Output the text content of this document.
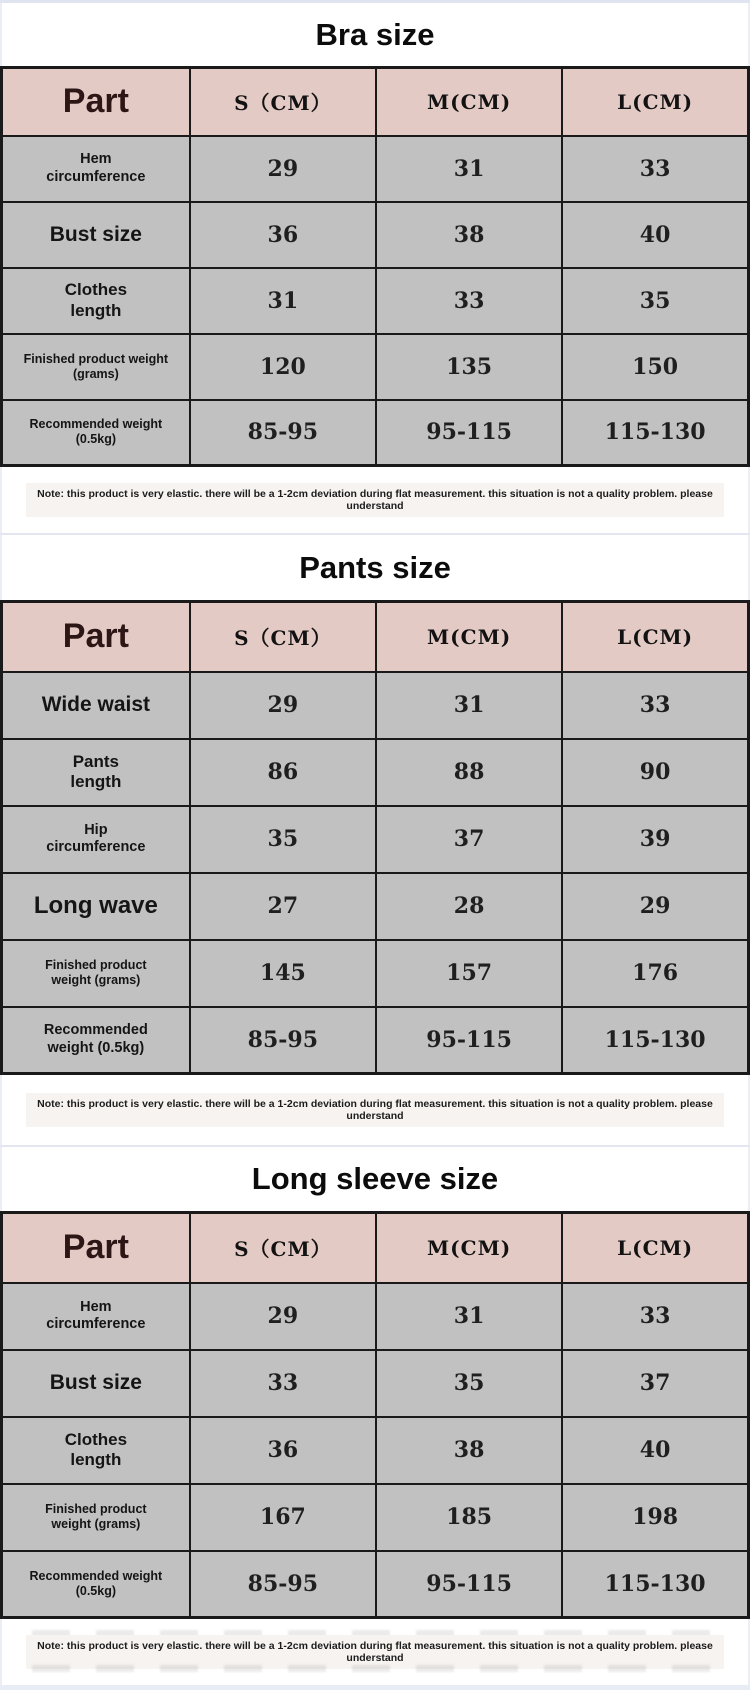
Bra size
Part	S（CM）	M(CM)	L(CM)
Hem
circumference	29	31	33
Bust size	36	38	40
Clothes
length	31	33	35
Finished product weight
(grams)	120	135	150
Recommended weight
(0.5kg)	85-95	95-115	115-130

Note: this product is very elastic. there will be a 1-2cm deviation during flat measurement. this situation is not a quality problem. please understand

Pants size
Part	S（CM）	M(CM)	L(CM)
Wide waist	29	31	33
Pants
length	86	88	90
Hip
circumference	35	37	39
Long wave	27	28	29
Finished product
weight (grams)	145	157	176
Recommended
weight (0.5kg)	85-95	95-115	115-130

Note: this product is very elastic. there will be a 1-2cm deviation during flat measurement. this situation is not a quality problem. please understand

Long sleeve size
Part	S（CM）	M(CM)	L(CM)
Hem
circumference	29	31	33
Bust size	33	35	37
Clothes
length	36	38	40
Finished product
weight (grams)	167	185	198
Recommended weight
(0.5kg)	85-95	95-115	115-130

Note: this product is very elastic. there will be a 1-2cm deviation during flat measurement. this situation is not a quality problem. please understand
